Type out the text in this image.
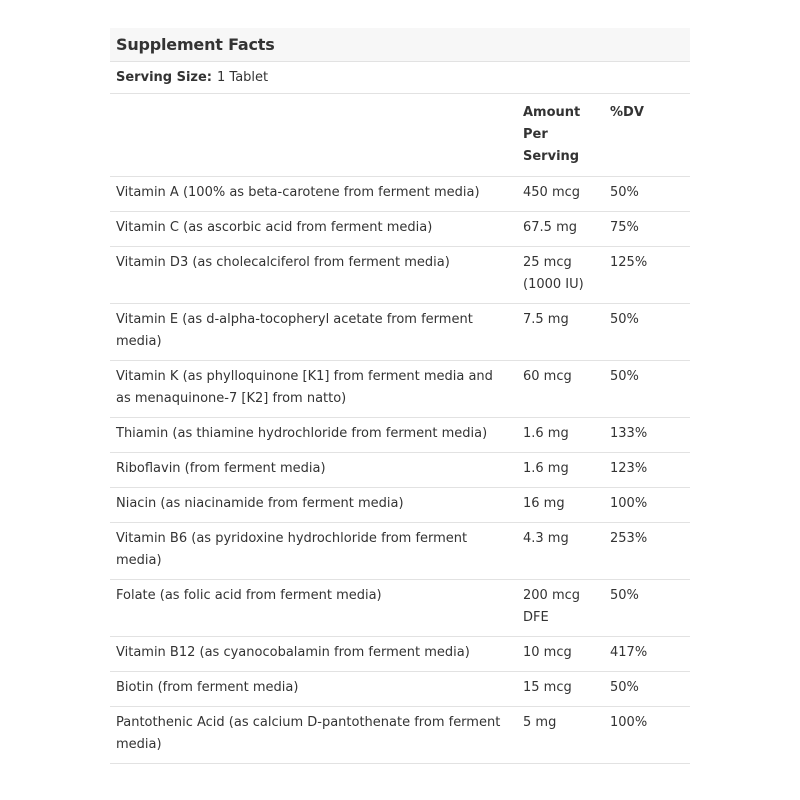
Supplement Facts
Serving Size: 1 Tablet
	Amount Per Serving	%DV
Vitamin A (100% as beta-carotene from ferment media)	450 mcg	50%
Vitamin C (as ascorbic acid from ferment media)	67.5 mg	75%
Vitamin D3 (as cholecalciferol from ferment media)	25 mcg (1000 IU)	125%
Vitamin E (as d-alpha-tocopheryl acetate from ferment media)	7.5 mg	50%
Vitamin K (as phylloquinone [K1] from ferment media and as menaquinone-7 [K2] from natto)	60 mcg	50%
Thiamin (as thiamine hydrochloride from ferment media)	1.6 mg	133%
Riboflavin (from ferment media)	1.6 mg	123%
Niacin (as niacinamide from ferment media)	16 mg	100%
Vitamin B6 (as pyridoxine hydrochloride from ferment media)	4.3 mg	253%
Folate (as folic acid from ferment media)	200 mcg DFE	50%
Vitamin B12 (as cyanocobalamin from ferment media)	10 mcg	417%
Biotin (from ferment media)	15 mcg	50%
Pantothenic Acid (as calcium D-pantothenate from ferment media)	5 mg	100%
